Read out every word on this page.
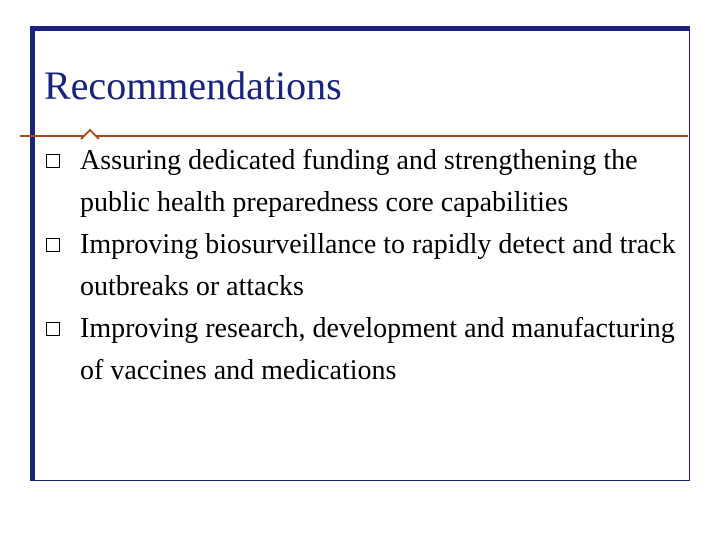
Recommendations
Assuring dedicated funding and strengthening the public health preparedness core capabilities
Improving biosurveillance to rapidly detect and track outbreaks or attacks
Improving research, development and manufacturing of vaccines and medications
